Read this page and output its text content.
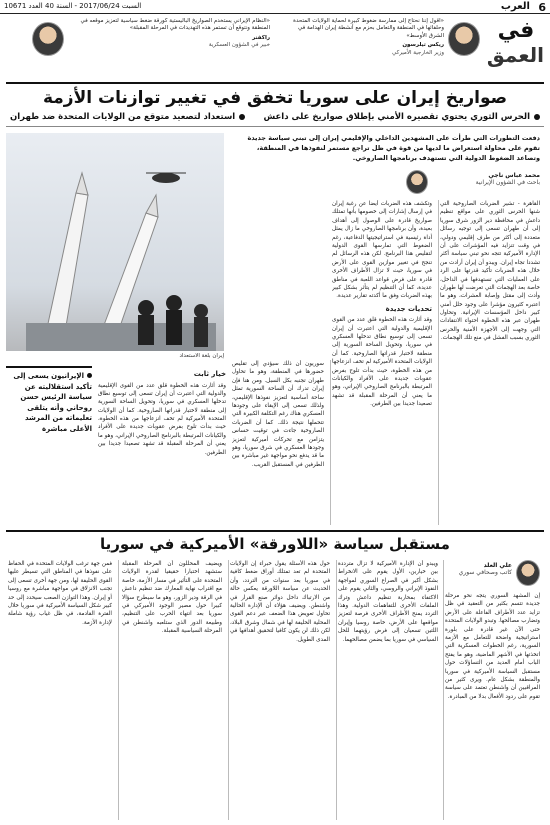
6
العرب
السبت 2017/06/24 - السنة 40 العدد 10671
في
العمق
«أقول إننا نحتاج إلى ممارسة ضغوط كبيرة لحماية الولايات المتحدة وحلفائها في المنطقة والتعامل بحزم مع أنشطة إيران الهدامة في الشرق الأوسط»
ريكس تيلرسون
وزير الخارجية الأميركي
«النظام الإيراني يستخدم الصواريخ الباليستية كورقة ضغط سياسية لتعزيز موقعه في المنطقة ونتوقع أن تستمر هذه التهديدات في المرحلة المقبلة»
راكفنر
خبير في الشؤون العسكرية
صواريخ إيران على سوريا تخفق في تغيير توازنات الأزمة
الحرس الثوري يحتوي تقصيره الأمني بإطلاق صواريخ على داعش
استعداد لتصعيد متوقع من الولايات المتحدة ضد طهران
دفعت التطورات التي طرأت على المشهدين الداخلي والإقليمي إيران إلى تبني سياسة جديدة تقوم على محاولة استعراض ما لديها من قوة في ظل تراجع مستمر لنفوذها في المنطقة، وتصاعد الضغوط الدولية التي تستهدف برنامجها الصاروخي.
محمد عباس ناجي
باحث في الشؤون الإيرانية
إيران بلغة الاستعداد

القاهرة - تشير الضربات الصاروخية التي شنها الحرس الثوري على مواقع تنظيم داعش في محافظة دير الزور شرق سوريا إلى أن طهران تسعى إلى توجيه رسائل متعددة إلى أكثر من طرف إقليمي ودولي، في وقت تتزايد فيه المؤشرات على أن الإدارة الأميركية تتجه نحو تبني سياسة أكثر تشددا تجاه إيران. ويبدو أن إيران أرادت من خلال هذه الضربات تأكيد قدرتها على الرد على العمليات التي تستهدفها في الداخل، خاصة بعد الهجمات التي تعرضت لها طهران وأدت إلى مقتل وإصابة العشرات، وهو ما اعتبره كثيرون مؤشرا على وجود خلل أمني كبير داخل المؤسسات الإيرانية. وتحاول طهران عبر هذه الخطوة احتواء الانتقادات التي وجهت إلى الأجهزة الأمنية والحرس الثوري بسبب الفشل في منع تلك الهجمات.

وتكشف هذه الضربات أيضا عن رغبة إيران في إرسال إشارات إلى خصومها بأنها تمتلك صواريخ قادرة على الوصول إلى أهداف بعيدة، وأن برنامجها الصاروخي ما زال يمثل أداة رئيسية في استراتيجيتها الدفاعية، رغم الضغوط التي تمارسها القوى الدولية لتقليص هذا البرنامج. لكن هذه الرسائل لم تنجح في تغيير موازين القوى على الأرض في سوريا، حيث لا تزال الأطراف الأخرى قادرة على فرض قواعد اللعبة في مناطق عديدة، كما أن التنظيم لم يتأثر بشكل كبير بهذه الضربات وفق ما أكدته تقارير عديدة.

تحديات جديدة

وقد أثارت هذه الخطوة قلق عدد من القوى الإقليمية والدولية التي اعتبرت أن إيران تسعى إلى توسيع نطاق تدخلها العسكري في سوريا، وتحويل الساحة السورية إلى منطقة لاختبار قدراتها الصاروخية. كما أن الولايات المتحدة الأميركية لم تخف انزعاجها من هذه الخطوة، حيث بدأت تلوح بفرض عقوبات جديدة على الأفراد والكيانات المرتبطة بالبرنامج الصاروخي الإيراني، وهو ما يعني أن المرحلة المقبلة قد تشهد تصعيدا جديدا بين الطرفين.

سوريون أن ذلك سيؤدي إلى تقليص حضورها في المنطقة، وهو ما تحاول طهران تجنبه بكل السبل. ومن هنا فإن إيران تدرك أن الساحة السورية تمثل ساحة أساسية لتعزيز نفوذها الإقليمي، ولذلك تسعى إلى الإبقاء على وجودها العسكري هناك رغم التكلفة الكبيرة التي تتحملها نتيجة ذلك. كما أن الضربات الصاروخية جاءت في توقيت حساس يتزامن مع تحركات أميركية لتعزيز وجودها العسكري في شرق سوريا، وهو ما قد يدفع نحو مواجهة غير مباشرة بين الطرفين في المستقبل القريب.

خيار ثابت

وقد أثارت هذه الخطوة قلق عدد من القوى الإقليمية والدولية التي اعتبرت أن إيران تسعى إلى توسيع نطاق تدخلها العسكري في سوريا، وتحويل الساحة السورية إلى منطقة لاختبار قدراتها الصاروخية. كما أن الولايات المتحدة الأميركية لم تخف انزعاجها من هذه الخطوة، حيث بدأت تلوح بفرض عقوبات جديدة على الأفراد والكيانات المرتبطة بالبرنامج الصاروخي الإيراني، وهو ما يعني أن المرحلة المقبلة قد تشهد تصعيدا جديدا بين الطرفين.

الإيرانيون يسعى إلى تأكيد استقلاليته عن سياسة الرئيس حسن روحاني وأنه يتلقى تعليماته من المرشد الأعلى مباشرة
مستقبل سياسة «اللاورقة» الأميركية في سوريا
علي العلد
كاتب وصحافي سوري

إن المشهد السوري يتجه نحو مرحلة جديدة تتسم بكثير من التعقيد في ظل تزايد عدد الأطراف الفاعلة على الأرض وتضارب مصالحها. وتبدو الولايات المتحدة حتى الآن غير قادرة على بلورة استراتيجية واضحة للتعامل مع الأزمة السورية، رغم الخطوات العسكرية التي اتخذتها في الأشهر الماضية، وهو ما يفتح الباب أمام العديد من التساؤلات حول مستقبل السياسة الأميركية في سوريا والمنطقة بشكل عام. ويرى كثير من المراقبين أن واشنطن تعتمد على سياسة تقوم على ردود الأفعال بدلا من المبادرة.

ويبدو أن الإدارة الأميركية لا تزال مترددة بين خيارين، الأول يقوم على الانخراط بشكل أكبر في الصراع السوري لمواجهة النفوذ الإيراني والروسي، والثاني يقوم على الاكتفاء بمحاربة تنظيم داعش وترك الملفات الأخرى للتفاهمات الدولية. وهذا التردد يمنح الأطراف الأخرى فرصة لتعزيز مواقعها على الأرض، خاصة روسيا وإيران اللتين تسعيان إلى فرض رؤيتهما للحل السياسي في سوريا بما يضمن مصالحهما.

حول هذه الأسئلة يقول خبراء إن الولايات المتحدة لم تعد تمتلك أوراق ضغط كافية في سوريا بعد سنوات من التردد، وأن الحديث عن سياسة اللاورقة يعكس حالة من الارتباك داخل دوائر صنع القرار في واشنطن. ويضيف هؤلاء أن الإدارة الحالية تحاول تعويض هذا الضعف عبر دعم القوى المحلية الحليفة لها في شمال وشرق البلاد، لكن ذلك لن يكون كافيا لتحقيق أهدافها في المدى الطويل.

ويضيف المحللون أن المرحلة المقبلة ستشهد اختبارا حقيقيا لقدرة الولايات المتحدة على التأثير في مسار الأزمة، خاصة مع اقتراب نهاية المعارك ضد تنظيم داعش في الرقة ودير الزور، وهو ما سيطرح سؤالا كبيرا حول مصير الوجود الأميركي في سوريا بعد انتهاء الحرب على التنظيم، وطبيعة الدور الذي ستلعبه واشنطن في المرحلة السياسية المقبلة.

فمن جهة ترغب الولايات المتحدة في الحفاظ على نفوذها في المناطق التي تسيطر عليها القوى الحليفة لها، ومن جهة أخرى تسعى إلى تجنب الانزلاق في مواجهة مباشرة مع روسيا أو إيران. وهذا التوازن الصعب سيحدد إلى حد كبير شكل السياسة الأميركية في سوريا خلال الفترة القادمة، في ظل غياب رؤية شاملة لإدارة الأزمة.
